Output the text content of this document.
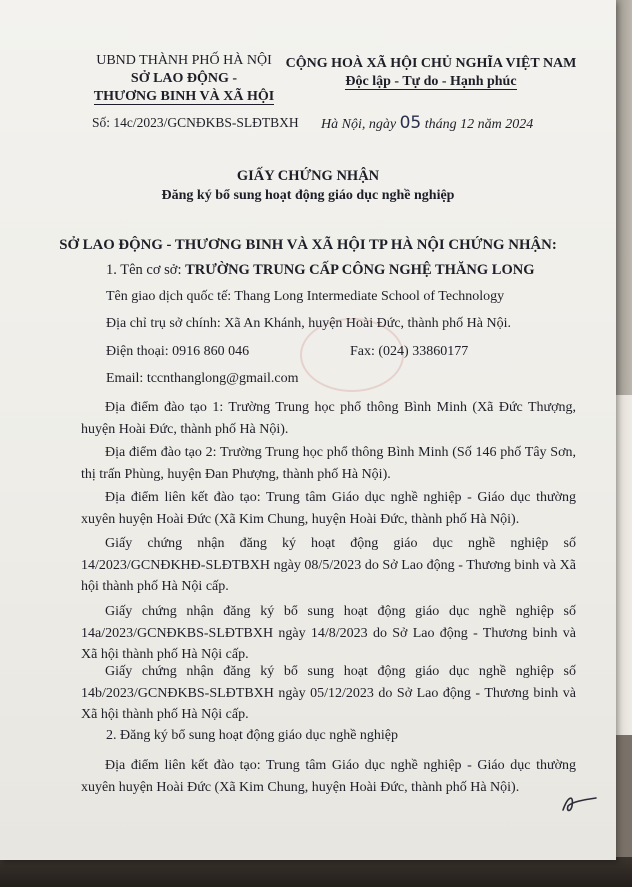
UBND THÀNH PHỐ HÀ NỘI
SỞ LAO ĐỘNG -
THƯƠNG BINH VÀ XÃ HỘI
CỘNG HOÀ XÃ HỘI CHỦ NGHĨA VIỆT NAM
Độc lập - Tự do - Hạnh phúc
Số: 14c/2023/GCNĐKBS-SLĐTBXH Hà Nội, ngày 05 tháng 12 năm 2024
GIẤY CHỨNG NHẬN
Đăng ký bổ sung hoạt động giáo dục nghề nghiệp
SỞ LAO ĐỘNG - THƯƠNG BINH VÀ XÃ HỘI TP HÀ NỘI CHỨNG NHẬN:
1. Tên cơ sở: TRƯỜNG TRUNG CẤP CÔNG NGHỆ THĂNG LONG
Tên giao dịch quốc tế: Thang Long Intermediate School of Technology
Địa chỉ trụ sở chính: Xã An Khánh, huyện Hoài Đức, thành phố Hà Nội.
Điện thoại: 0916 860 046	Fax: (024) 33860177
Email: tccnthanglong@gmail.com
Địa điểm đào tạo 1: Trường Trung học phổ thông Bình Minh (Xã Đức Thượng, huyện Hoài Đức, thành phố Hà Nội).
Địa điểm đào tạo 2: Trường Trung học phổ thông Bình Minh (Số 146 phố Tây Sơn, thị trấn Phùng, huyện Đan Phượng, thành phố Hà Nội).
Địa điểm liên kết đào tạo: Trung tâm Giáo dục nghề nghiệp - Giáo dục thường xuyên huyện Hoài Đức (Xã Kim Chung, huyện Hoài Đức, thành phố Hà Nội).
Giấy chứng nhận đăng ký hoạt động giáo dục nghề nghiệp số 14/2023/GCNĐKHĐ-SLĐTBXH ngày 08/5/2023 do Sở Lao động - Thương binh và Xã hội thành phố Hà Nội cấp.
Giấy chứng nhận đăng ký bổ sung hoạt động giáo dục nghề nghiệp số 14a/2023/GCNĐKBS-SLĐTBXH ngày 14/8/2023 do Sở Lao động - Thương binh và Xã hội thành phố Hà Nội cấp.
Giấy chứng nhận đăng ký bổ sung hoạt động giáo dục nghề nghiệp số 14b/2023/GCNĐKBS-SLĐTBXH ngày 05/12/2023 do Sở Lao động - Thương binh và Xã hội thành phố Hà Nội cấp.
2. Đăng ký bổ sung hoạt động giáo dục nghề nghiệp
Địa điểm liên kết đào tạo: Trung tâm Giáo dục nghề nghiệp - Giáo dục thường xuyên huyện Hoài Đức (Xã Kim Chung, huyện Hoài Đức, thành phố Hà Nội).
